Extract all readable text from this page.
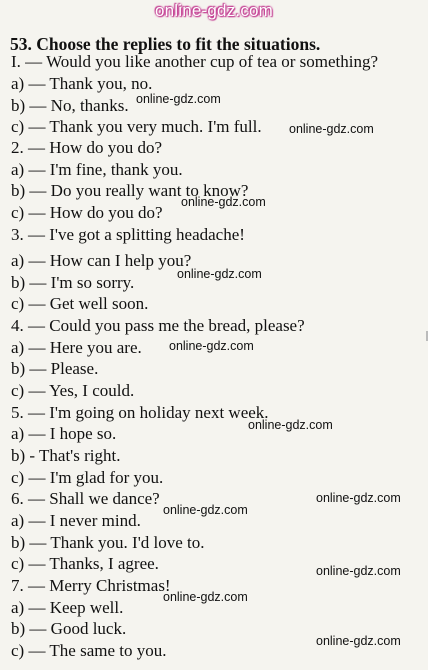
online-gdz.com
53. Choose the replies to fit the situations.
I. — Would you like another cup of tea or something?
a) — Thank you, no.
b) — No, thanks.
c) — Thank you very much. I'm full.
2. — How do you do?
a) — I'm fine, thank you.
b) — Do you really want to know?
c) — How do you do?
3. — I've got a splitting headache!
a) — How can I help you?
b) — I'm so sorry.
c) — Get well soon.
4. — Could you pass me the bread, please?
a) — Here you are.
b) — Please.
c) — Yes, I could.
5. — I'm going on holiday next week.
a) — I hope so.
b) - That's right.
c) — I'm glad for you.
6. — Shall we dance?
a) — I never mind.
b) — Thank you. I'd love to.
c) — Thanks, I agree.
7. — Merry Christmas!
a) — Keep well.
b) — Good luck.
c) — The same to you.
online-gdz.com
online-gdz.com
online-gdz.com
online-gdz.com
online-gdz.com
online-gdz.com
online-gdz.com
online-gdz.com
online-gdz.com
online-gdz.com
online-gdz.com
